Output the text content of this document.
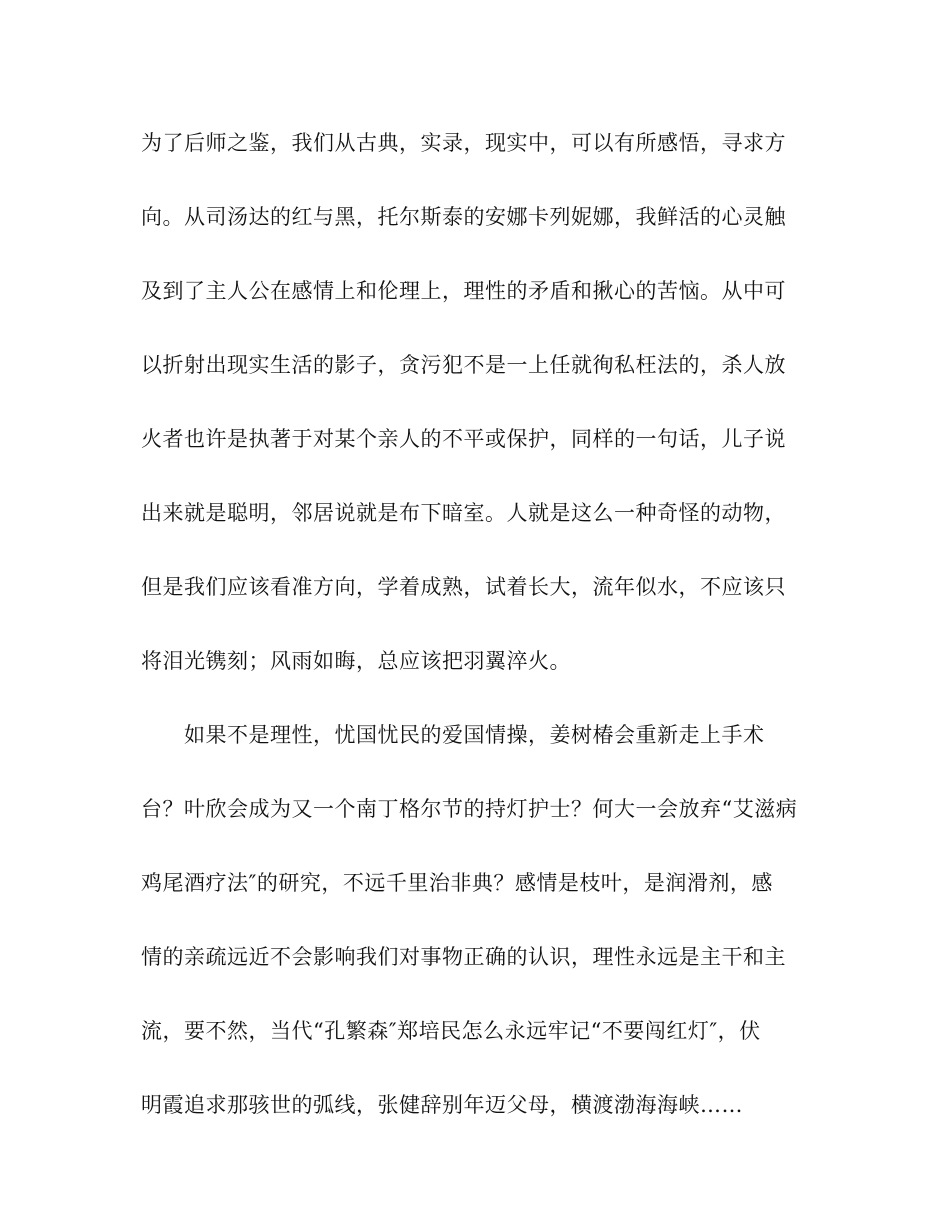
为了后师之鉴，我们从古典，实录，现实中，可以有所感悟，寻求方
向。从司汤达的红与黑，托尔斯泰的安娜卡列妮娜，我鲜活的心灵触
及到了主人公在感情上和伦理上，理性的矛盾和揪心的苦恼。从中可
以折射出现实生活的影子，贪污犯不是一上任就徇私枉法的，杀人放
火者也许是执著于对某个亲人的不平或保护，同样的一句话，儿子说
出来就是聪明，邻居说就是布下暗室。人就是这么一种奇怪的动物，
但是我们应该看准方向，学着成熟，试着长大，流年似水，不应该只
将泪光镌刻；风雨如晦，总应该把羽翼淬火。
如果不是理性，忧国忧民的爱国情操，姜树椿会重新走上手术
台？叶欣会成为又一个南丁格尔节的持灯护士？何大一会放弃“艾滋病
鸡尾酒疗法″的研究，不远千里治非典？感情是枝叶，是润滑剂，感
情的亲疏远近不会影响我们对事物正确的认识，理性永远是主干和主
流，要不然，当代“孔繁森″郑培民怎么永远牢记“不要闯红灯″，伏
明霞追求那骇世的弧线，张健辞别年迈父母，横渡渤海海峡……
